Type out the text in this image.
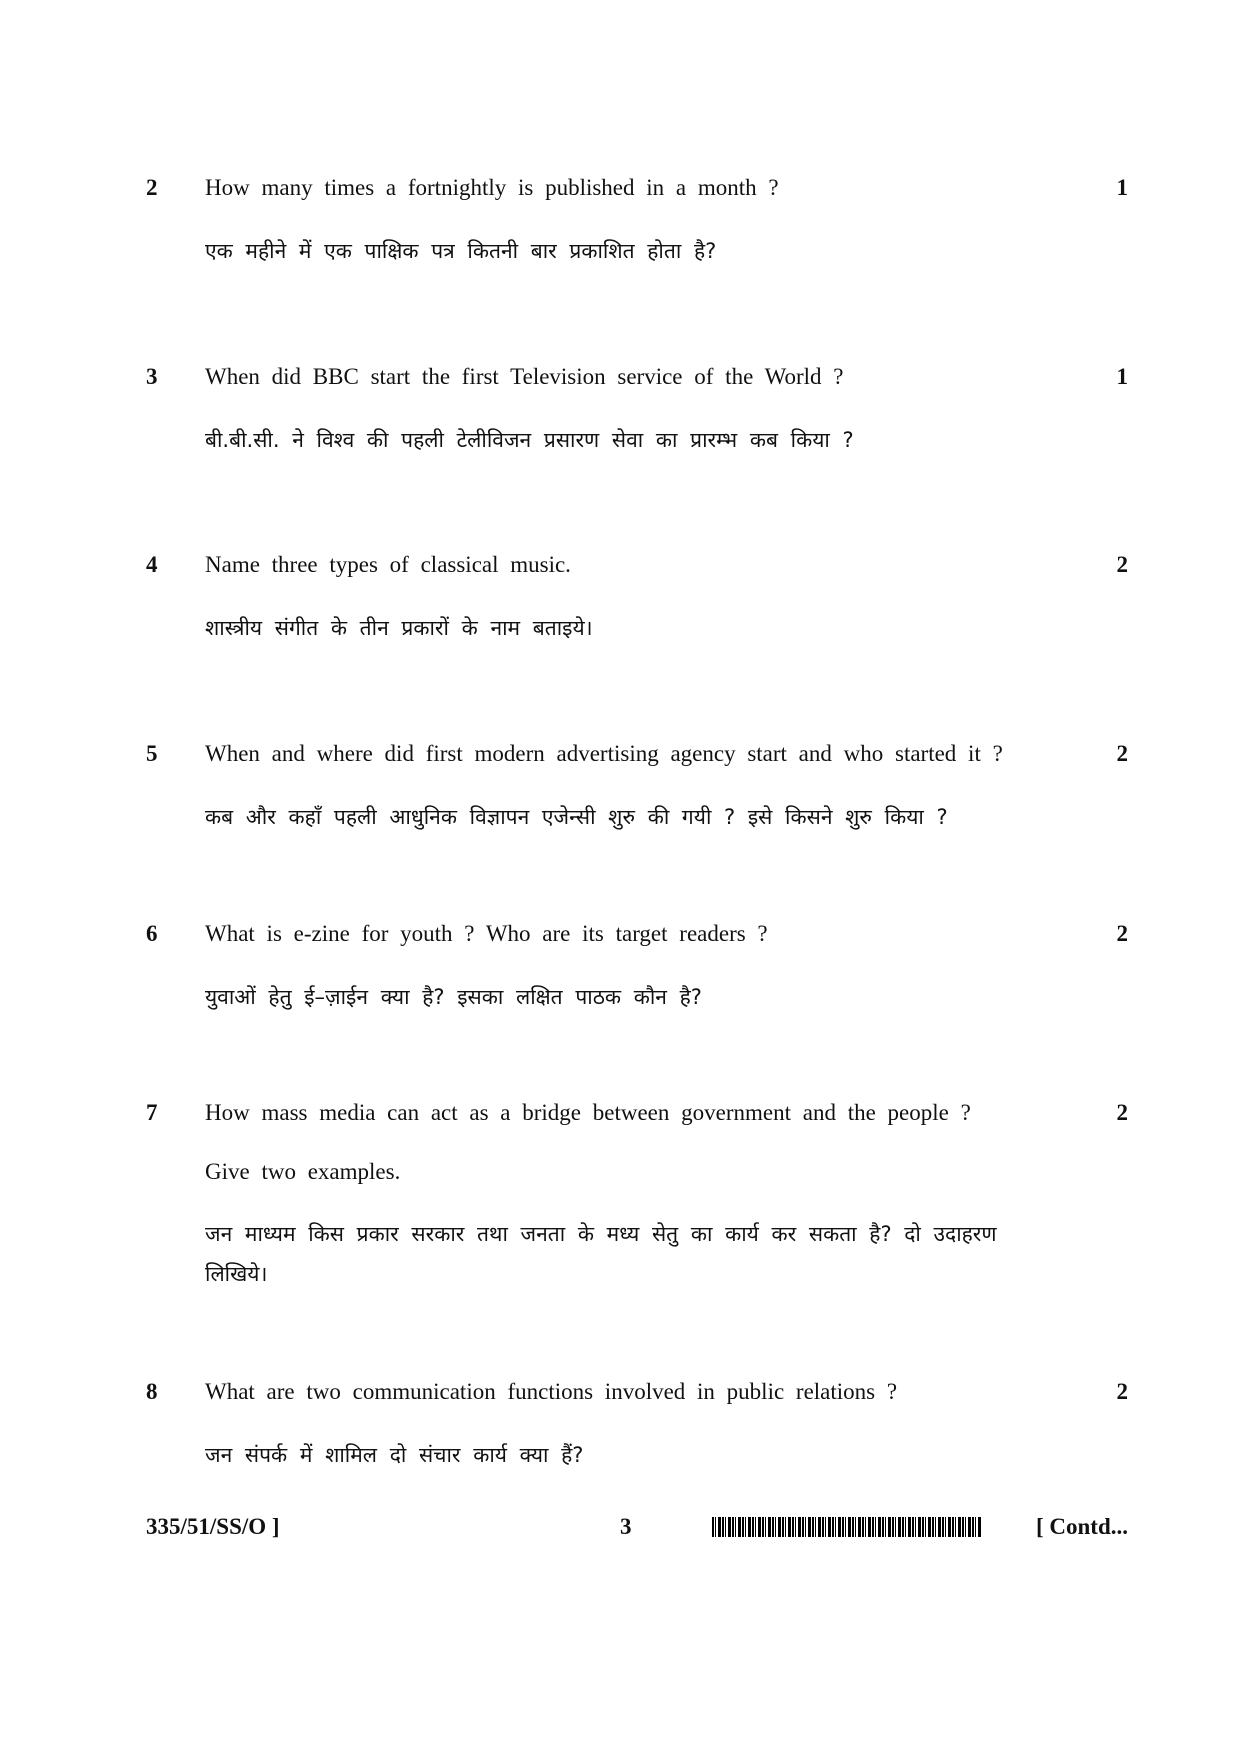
2 How many times a fortnightly is published in a month ?	1
एक महीने में एक पाक्षिक पत्र कितनी बार प्रकाशित होता है?
3 When did BBC start the first Television service of the World ?	1
बी.बी.सी. ने विश्व की पहली टेलीविजन प्रसारण सेवा का प्रारम्भ कब किया ?
4 Name three types of classical music.	2
शास्त्रीय संगीत के तीन प्रकारों के नाम बताइये।
5 When and where did first modern advertising agency start and who started it ?	2
कब और कहाँ पहली आधुनिक विज्ञापन एजेन्सी शुरु की गयी ? इसे किसने शुरु किया ?
6 What is e-zine for youth ? Who are its target readers ?	2
युवाओं हेतु ई–ज़ाईन क्या है? इसका लक्षित पाठक कौन है?
7 How mass media can act as a bridge between government and the people ?	2
Give two examples.
जन माध्यम किस प्रकार सरकार तथा जनता के मध्य सेतु का कार्य कर सकता है? दो उदाहरण
लिखिये।
8 What are two communication functions involved in public relations ?	2
जन संपर्क में शामिल दो संचार कार्य क्या हैं?
335/51/SS/O ]	3	[ Contd...
